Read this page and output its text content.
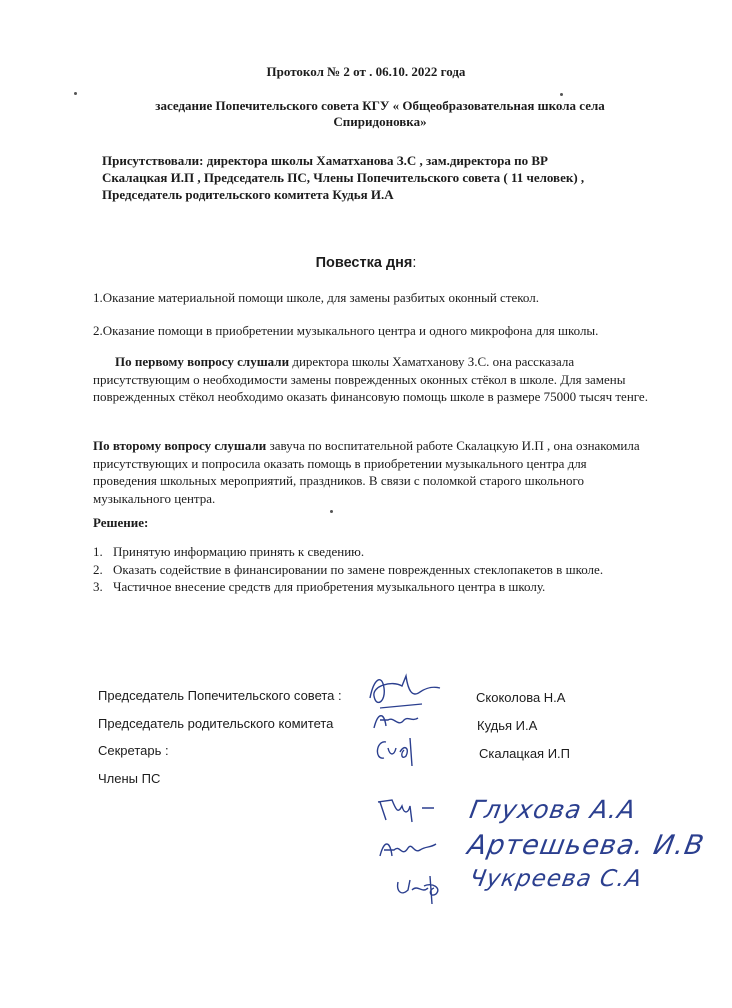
Протокол № 2 от . 06.10. 2022 года
заседание Попечительского совета КГУ « Общеобразовательная школа села Спиридоновка»
Присутствовали: директора школы Хаматханова З.С , зам.директора по ВР
Скалацкая И.П , Председатель ПС, Члены Попечительского совета ( 11 человек) ,
Председатель родительского комитета Кудья И.А
Повестка дня:
1.Оказание материальной помощи школе, для замены разбитых оконный стекол.
2.Оказание помощи в приобретении музыкального центра и одного микрофона для школы.
По первому вопросу слушали директора школы Хаматханову З.С. она рассказала присутствующим о необходимости замены поврежденных оконных стёкол в школе. Для замены поврежденных стёкол необходимо оказать финансовую помощь школе в размере 75000 тысяч тенге.
По второму вопросу слушали завуча по воспитательной работе Скалацкую И.П , она ознакомила присутствующих и попросила оказать помощь в приобретении музыкального центра для проведения школьных мероприятий, праздников. В связи с поломкой старого школьного музыкального центра.
Решение:
1. Принятую информацию принять к сведению.
2. Оказать содействие в финансировании по замене поврежденных стеклопакетов в школе.
3. Частичное внесение средств для приобретения музыкального центра в школу.
Председатель Попечительского совета :
Председатель родительского комитета
Секретарь :
Члены ПС
Скоколова Н.А
Кудья И.А
Скалацкая И.П
Глухова А.А
Артешьева. И.В
Чукреева С.А
